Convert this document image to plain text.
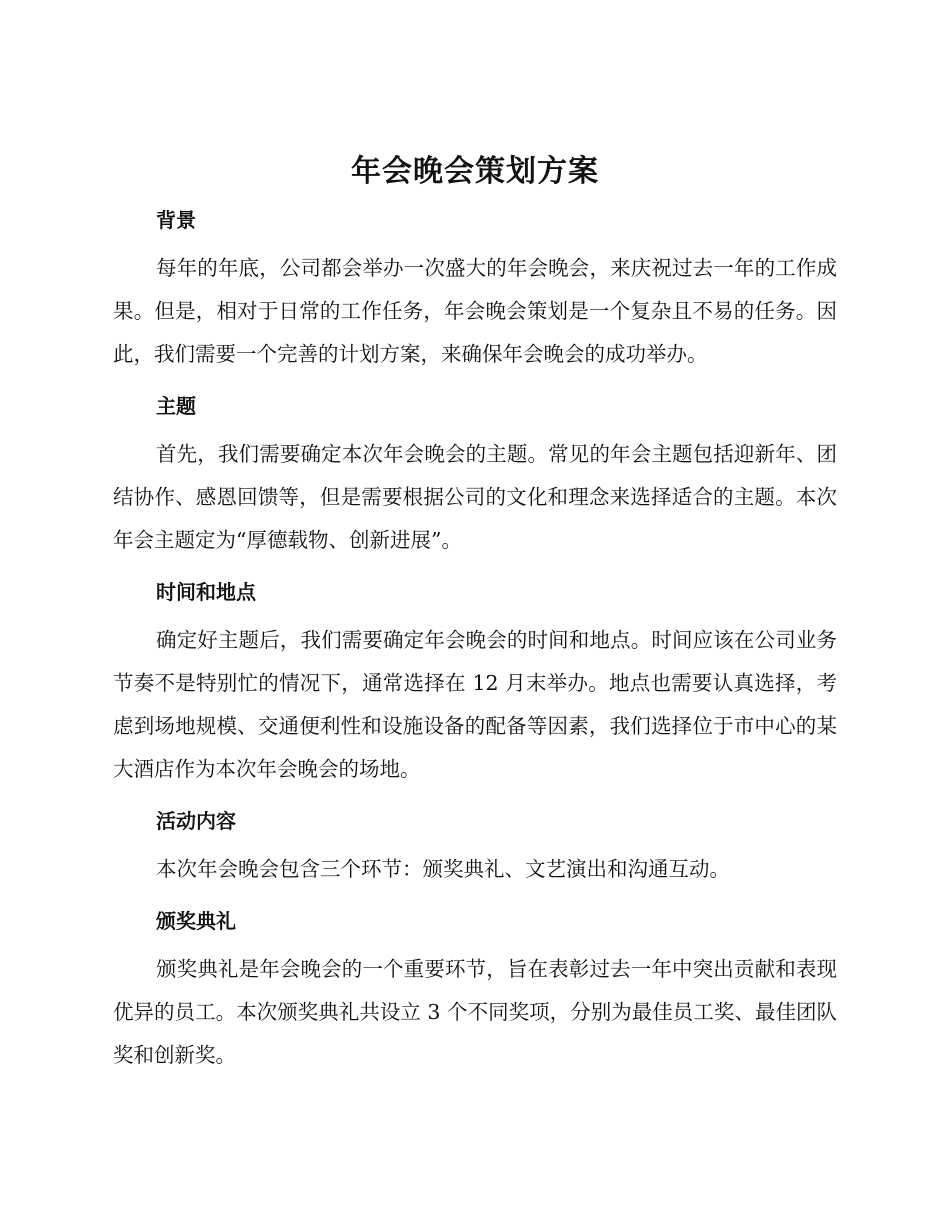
年会晚会策划方案
背景

每年的年底，公司都会举办一次盛大的年会晚会，来庆祝过去一年的工作成果。但是，相对于日常的工作任务，年会晚会策划是一个复杂且不易的任务。因此，我们需要一个完善的计划方案，来确保年会晚会的成功举办。

主题

首先，我们需要确定本次年会晚会的主题。常见的年会主题包括迎新年、团结协作、感恩回馈等，但是需要根据公司的文化和理念来选择适合的主题。本次年会主题定为“厚德载物、创新进展”。

时间和地点

确定好主题后，我们需要确定年会晚会的时间和地点。时间应该在公司业务节奏不是特别忙的情况下，通常选择在 12 月末举办。地点也需要认真选择，考虑到场地规模、交通便利性和设施设备的配备等因素，我们选择位于市中心的某大酒店作为本次年会晚会的场地。

活动内容

本次年会晚会包含三个环节：颁奖典礼、文艺演出和沟通互动。

颁奖典礼

颁奖典礼是年会晚会的一个重要环节，旨在表彰过去一年中突出贡献和表现优异的员工。本次颁奖典礼共设立 3 个不同奖项，分别为最佳员工奖、最佳团队奖和创新奖。
